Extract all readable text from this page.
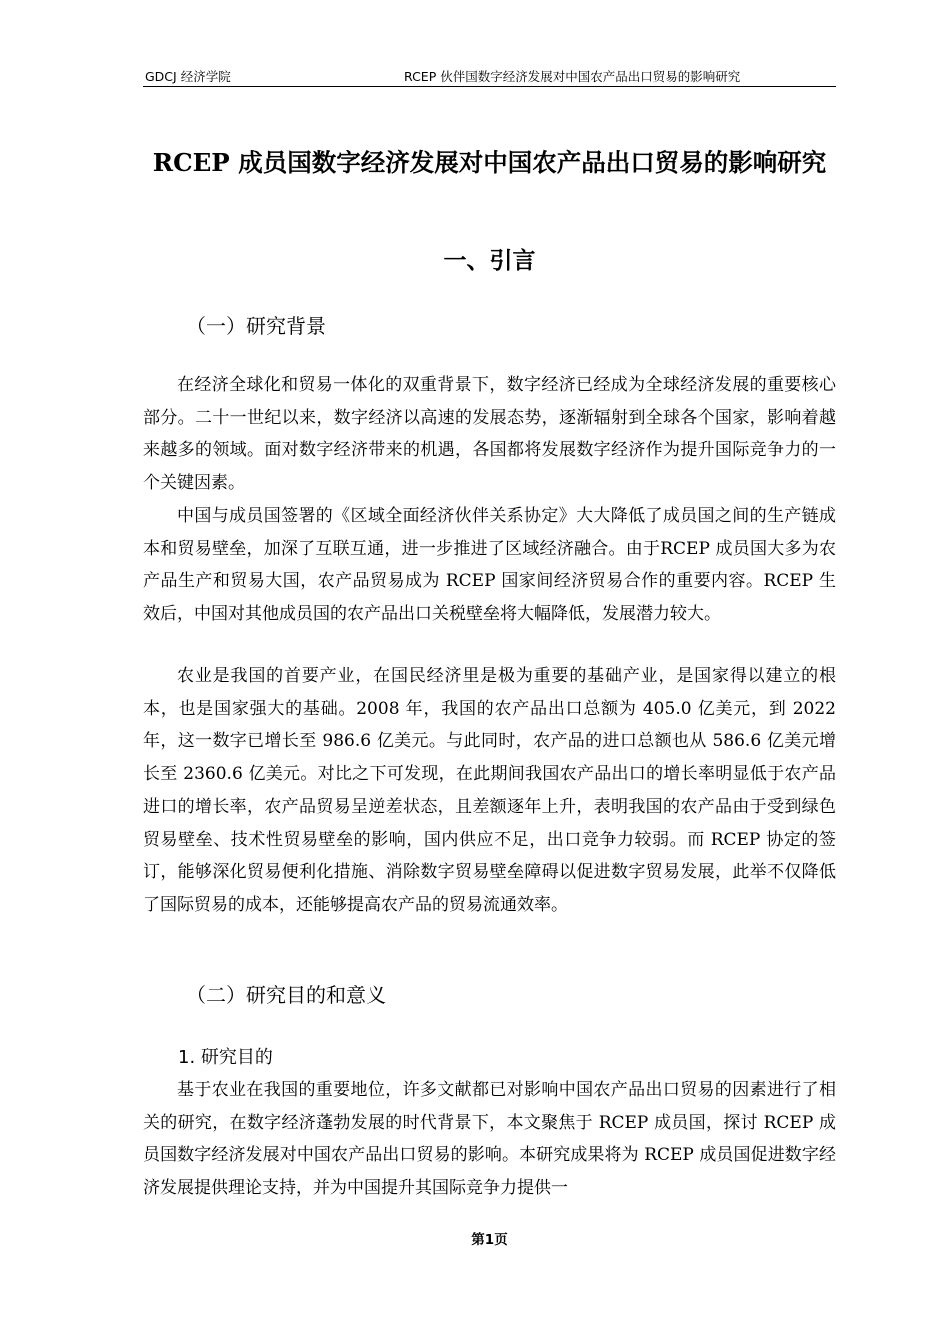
GDCJ 经济学院	RCEP 伙伴国数字经济发展对中国农产品出口贸易的影响研究
RCEP 成员国数字经济发展对中国农产品出口贸易的影响研究
一、引言
（一）研究背景
在经济全球化和贸易一体化的双重背景下，数字经济已经成为全球经济发展的重要核心部分。二十一世纪以来，数字经济以高速的发展态势，逐渐辐射到全球各个国家，影响着越来越多的领域。面对数字经济带来的机遇，各国都将发展数字经济作为提升国际竞争力的一个关键因素。
中国与成员国签署的《区域全面经济伙伴关系协定》大大降低了成员国之间的生产链成本和贸易壁垒，加深了互联互通，进一步推进了区域经济融合。由于RCEP 成员国大多为农产品生产和贸易大国，农产品贸易成为 RCEP 国家间经济贸易合作的重要内容。RCEP 生效后，中国对其他成员国的农产品出口关税壁垒将大幅降低，发展潜力较大。
农业是我国的首要产业，在国民经济里是极为重要的基础产业，是国家得以建立的根本，也是国家强大的基础。2008 年，我国的农产品出口总额为 405.0 亿美元，到 2022 年，这一数字已增长至 986.6 亿美元。与此同时，农产品的进口总额也从 586.6 亿美元增长至 2360.6 亿美元。对比之下可发现，在此期间我国农产品出口的增长率明显低于农产品进口的增长率，农产品贸易呈逆差状态，且差额逐年上升，表明我国的农产品由于受到绿色贸易壁垒、技术性贸易壁垒的影响，国内供应不足，出口竞争力较弱。而 RCEP 协定的签订，能够深化贸易便利化措施、消除数字贸易壁垒障碍以促进数字贸易发展，此举不仅降低了国际贸易的成本，还能够提高农产品的贸易流通效率。
（二）研究目的和意义
1. 研究目的
基于农业在我国的重要地位，许多文献都已对影响中国农产品出口贸易的因素进行了相关的研究，在数字经济蓬勃发展的时代背景下，本文聚焦于 RCEP 成员国，探讨 RCEP 成员国数字经济发展对中国农产品出口贸易的影响。本研究成果将为 RCEP 成员国促进数字经济发展提供理论支持，并为中国提升其国际竞争力提供一
第1页
